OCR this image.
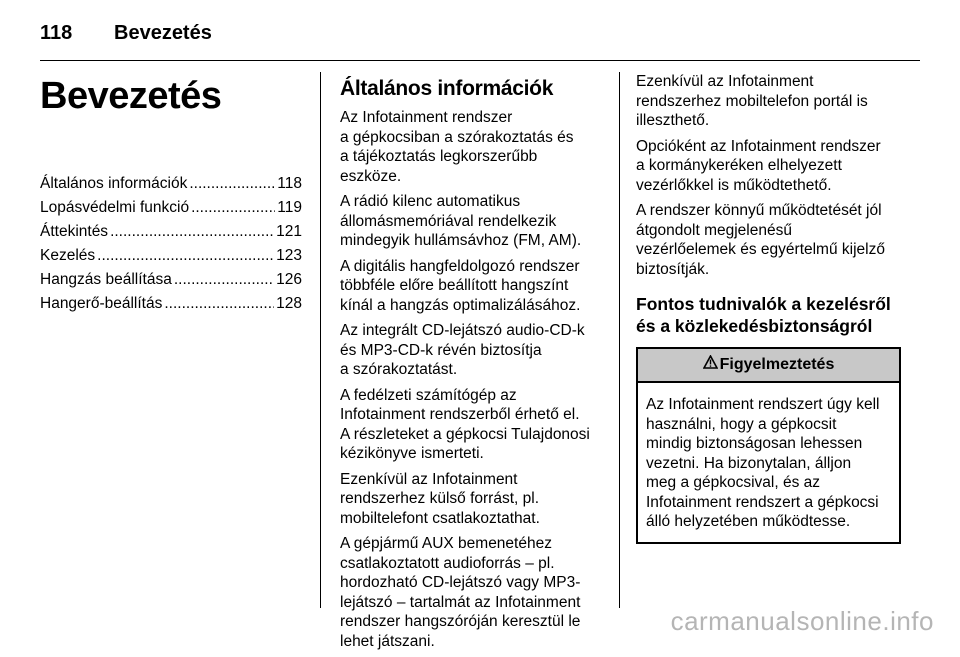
118 Bevezetés
Bevezetés
Általános információk .....	118
Lopásvédelmi funkció .....	119
Áttekintés .....	121
Kezelés .....	123
Hangzás beállítása .....	126
Hangerő-beállítás .....	128
Általános információk
Az Infotainment rendszer
a gépkocsiban a szórakoztatás és
a tájékoztatás legkorszerűbb
eszköze.
A rádió kilenc automatikus
állomásmemóriával rendelkezik
mindegyik hullámsávhoz (FM, AM).
A digitális hangfeldolgozó rendszer
többféle előre beállított hangszínt
kínál a hangzás optimalizálásához.
Az integrált CD-lejátszó audio-CD-k
és MP3-CD-k révén biztosítja
a szórakoztatást.
A fedélzeti számítógép az
Infotainment rendszerből érhető el.
A részleteket a gépkocsi Tulajdonosi
kézikönyve ismerteti.
Ezenkívül az Infotainment
rendszerhez külső forrást, pl.
mobiltelefont csatlakoztathat.
A gépjármű AUX bemenetéhez
csatlakoztatott audioforrás – pl.
hordozható CD-lejátszó vagy MP3-
lejátszó – tartalmát az Infotainment
rendszer hangszóróján keresztül le
lehet játszani.
Ezenkívül az Infotainment
rendszerhez mobiltelefon portál is
illeszthető.
Opcióként az Infotainment rendszer
a kormánykeréken elhelyezett
vezérlőkkel is működtethető.
A rendszer könnyű működtetését jól
átgondolt megjelenésű
vezérlőelemek és egyértelmű kijelző
biztosítják.
Fontos tudnivalók a kezelésről
és a közlekedésbiztonságról
Figyelmeztetés
Az Infotainment rendszert úgy kell
használni, hogy a gépkocsit
mindig biztonságosan lehessen
vezetni. Ha bizonytalan, álljon
meg a gépkocsival, és az
Infotainment rendszert a gépkocsi
álló helyzetében működtesse.
carmanualsonline.info
